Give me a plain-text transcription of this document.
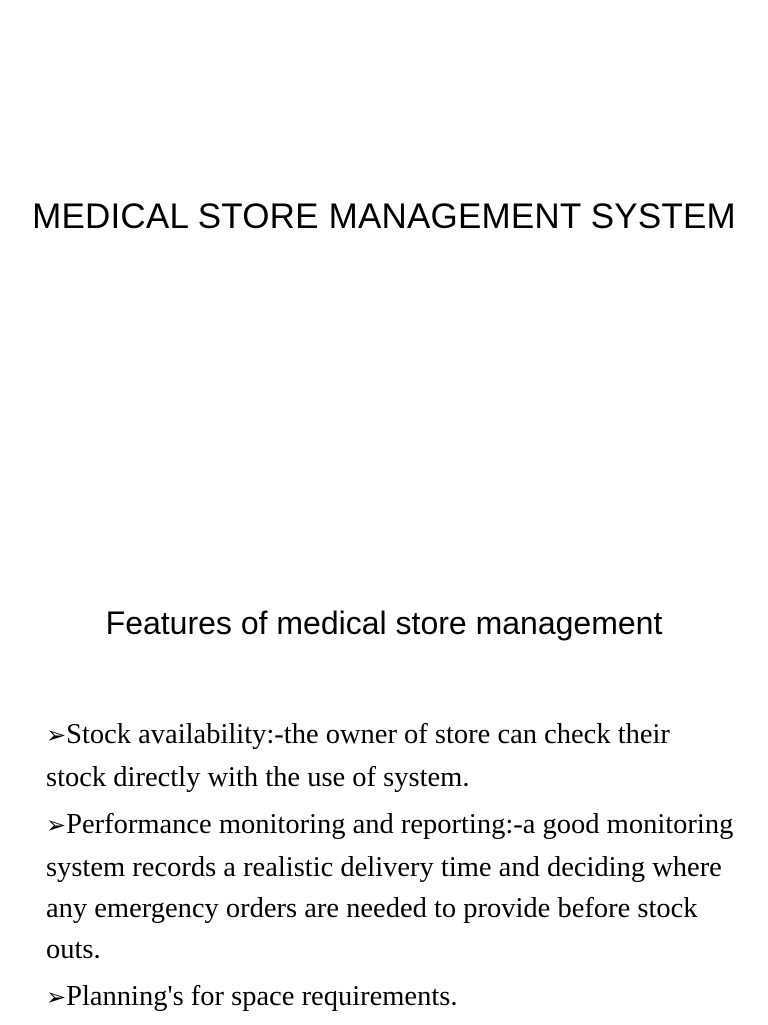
MEDICAL STORE MANAGEMENT SYSTEM
Features of medical store management
➢Stock availability:-the owner of store can check their stock directly with the use of system.
➢Performance monitoring and reporting:-a good monitoring system records a realistic delivery time and deciding where any emergency orders are needed to provide before stock outs.
➢Planning's for space requirements.
